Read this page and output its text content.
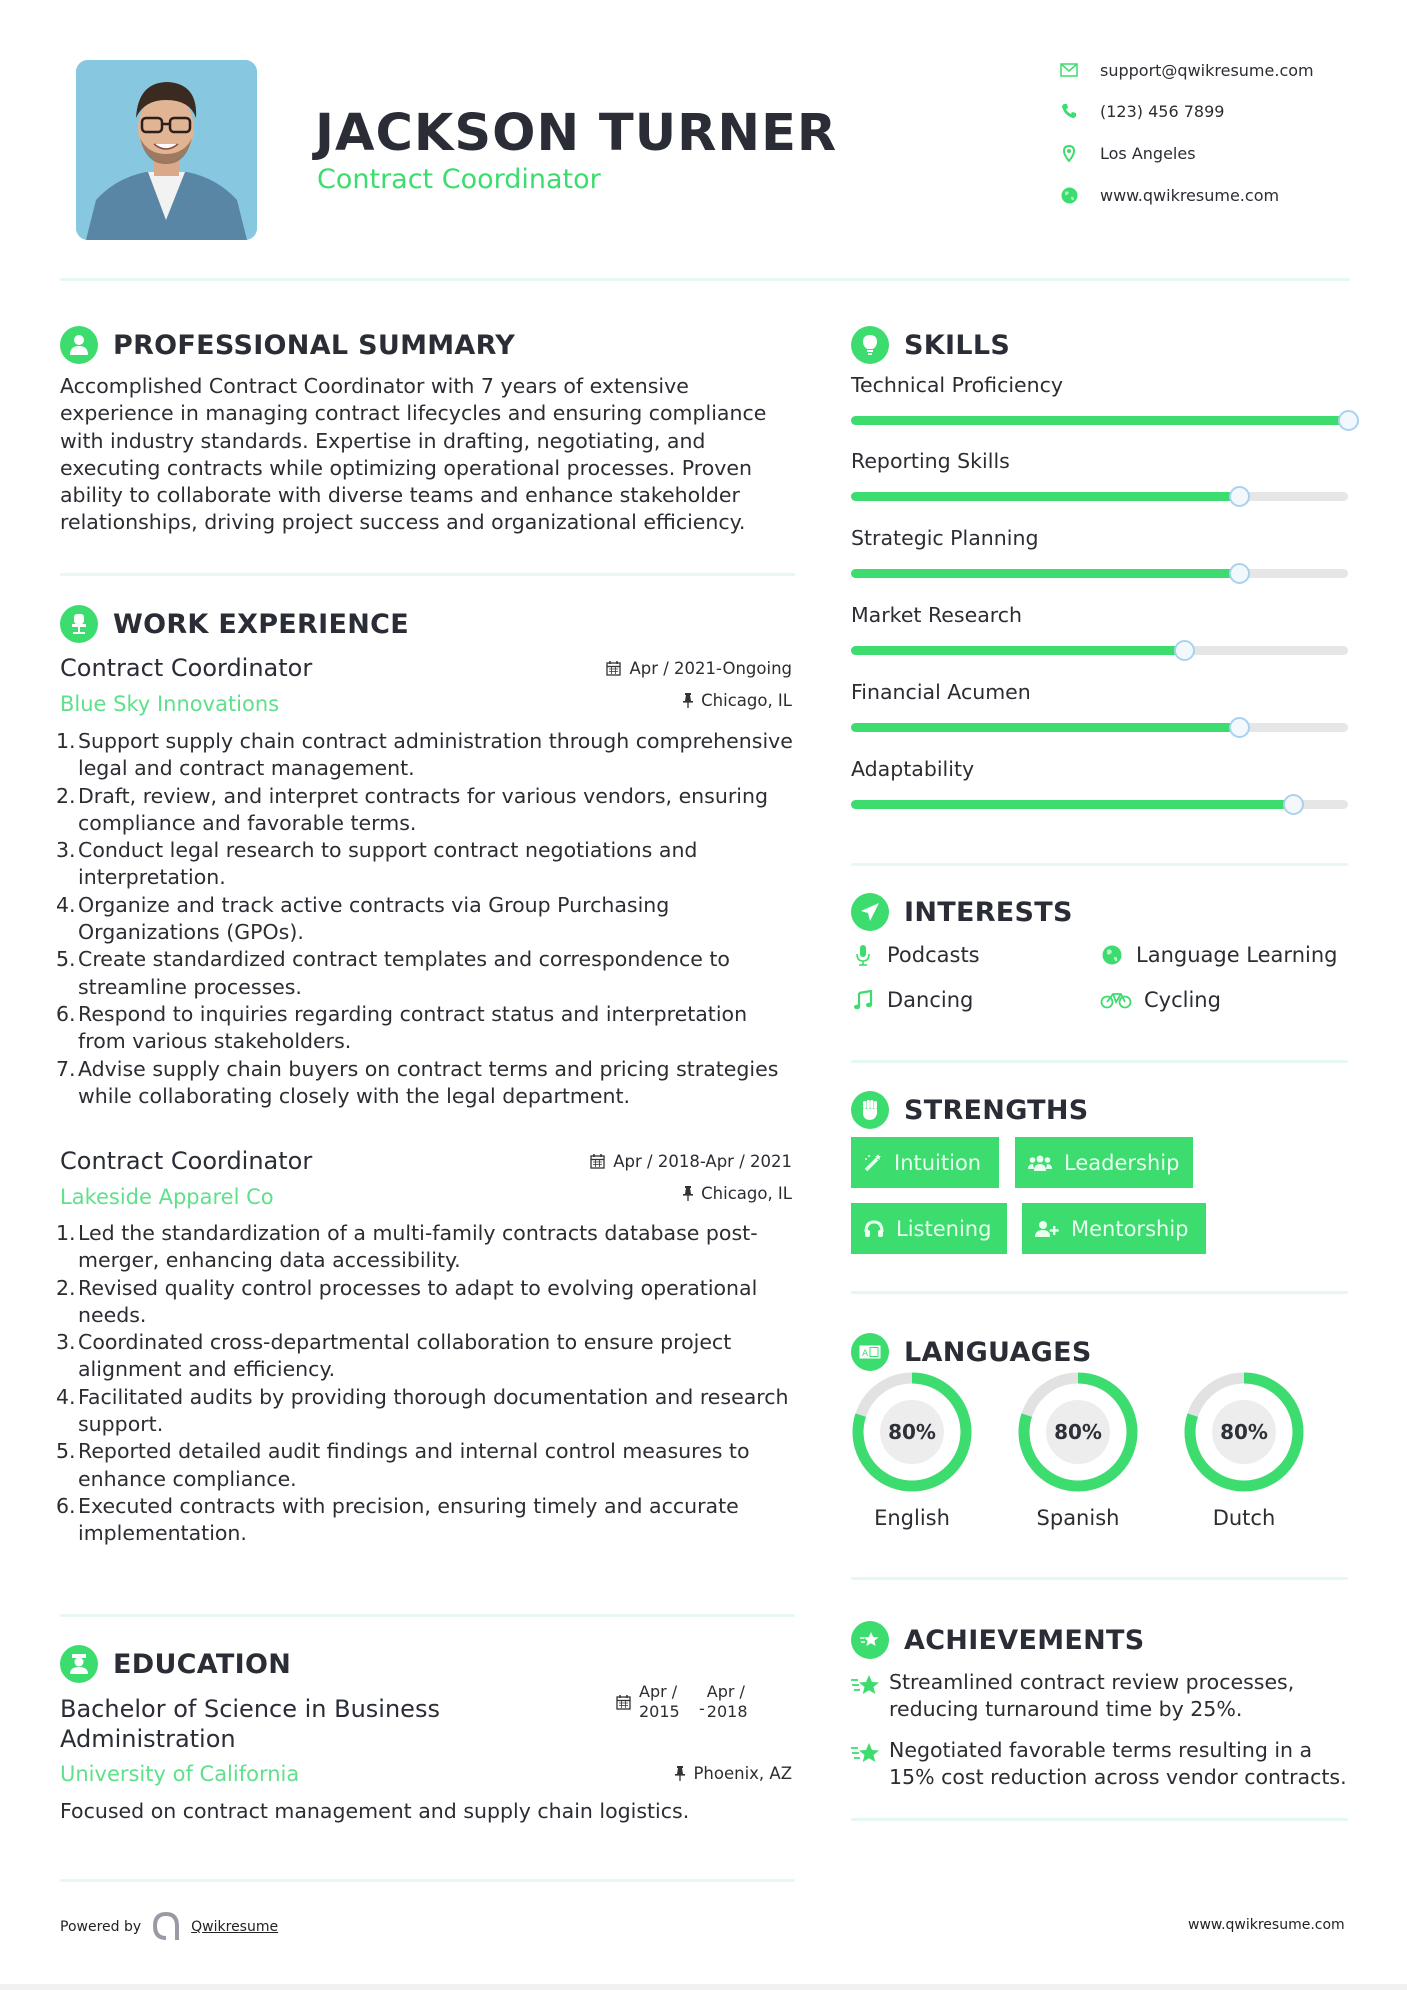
JACKSON TURNER
Contract Coordinator
support@qwikresume.com
(123) 456 7899
Los Angeles
www.qwikresume.com
PROFESSIONAL SUMMARY
Accomplished Contract Coordinator with 7 years of extensive experience in managing contract lifecycles and ensuring compliance with industry standards. Expertise in drafting, negotiating, and executing contracts while optimizing operational processes. Proven ability to collaborate with diverse teams and enhance stakeholder relationships, driving project success and organizational efficiency.
WORK EXPERIENCE
Contract Coordinator
Blue Sky Innovations
Apr / 2021-Ongoing
Chicago, IL
1. Support supply chain contract administration through comprehensive legal and contract management.
2. Draft, review, and interpret contracts for various vendors, ensuring compliance and favorable terms.
3. Conduct legal research to support contract negotiations and interpretation.
4. Organize and track active contracts via Group Purchasing Organizations (GPOs).
5. Create standardized contract templates and correspondence to streamline processes.
6. Respond to inquiries regarding contract status and interpretation from various stakeholders.
7. Advise supply chain buyers on contract terms and pricing strategies while collaborating closely with the legal department.
Contract Coordinator
Lakeside Apparel Co
Apr / 2018-Apr / 2021
Chicago, IL
1. Led the standardization of a multi-family contracts database post-merger, enhancing data accessibility.
2. Revised quality control processes to adapt to evolving operational needs.
3. Coordinated cross-departmental collaboration to ensure project alignment and efficiency.
4. Facilitated audits by providing thorough documentation and research support.
5. Reported detailed audit findings and internal control measures to enhance compliance.
6. Executed contracts with precision, ensuring timely and accurate implementation.
EDUCATION
Bachelor of Science in Business
Administration
Apr /
2015	-
Apr /
2018
University of California	Phoenix, AZ
Focused on contract management and supply chain logistics.
SKILLS
Technical Proficiency
Reporting Skills
Strategic Planning
Market Research
Financial Acumen
Adaptability
INTERESTS
Podcasts	Language Learning
Dancing	Cycling
STRENGTHS
Intuition	Leadership
Listening	Mentorship
A LANGUAGES
80%
English
80%
Spanish
80%
Dutch
ACHIEVEMENTS
Streamlined contract review processes, reducing turnaround time by 25%.
Negotiated favorable terms resulting in a 15% cost reduction across vendor contracts.
Powered by	Qwikresume	www.qwikresume.com
